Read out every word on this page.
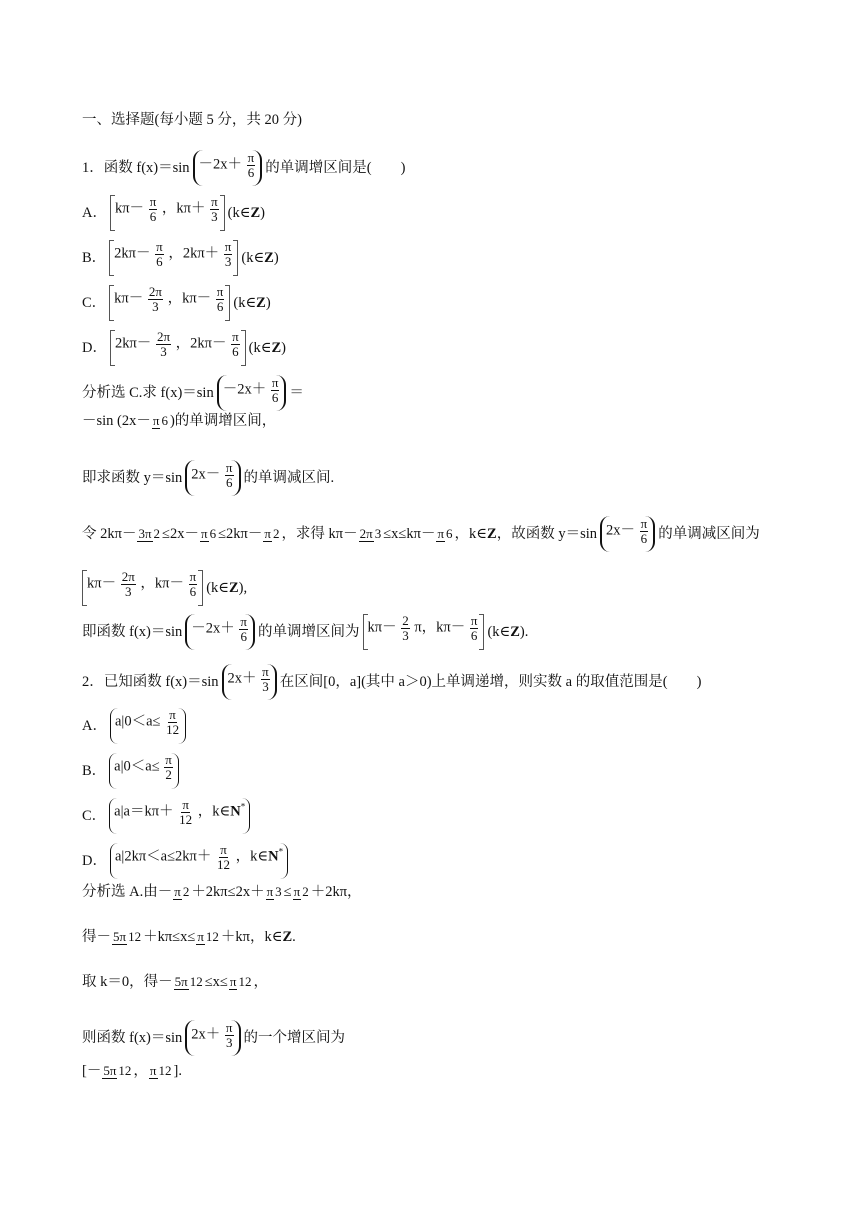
一、选择题(每小题 5 分，共 20 分)
1．函数 $f(x)=\sin -2x+ \frac{\pi}{6}$ 的单调增区间是(　　)
A． $k\pi- \frac{\pi}{6}$ ，$k\pi+ \frac{\pi}{3}$ (k∈ Z )
B． $2k\pi- \frac{\pi}{6}$ ，$2k\pi+ \frac{\pi}{3}$ (k∈ Z )
C． $k\pi- \frac{2\pi}{3}$ ，$k\pi- \frac{\pi}{6}$ (k∈ Z )
D． $2k\pi- \frac{2\pi}{3}$ ，$2k\pi- \frac{\pi}{6}$ (k∈ Z )
分析选 C.求 $f(x)=\sin -2x+ \frac{\pi}{6}$ ＝
－sin (2x－ π 6 )的单调增区间，
即求函数 y＝sin $2x- \frac{\pi}{6}$ 的单调减区间.
令 2kπ－ 3π 2 ≤2x－ π 6 ≤2kπ－ π 2 ，求得 kπ－ 2π 3 ≤x≤kπ－ π 6 ，k∈ Z ，故函数 y＝sin $2x- \frac{\pi}{6}$ 的单调减区间为
$k\pi- \frac{2\pi}{3}$ ，$k\pi- \frac{\pi}{6}$ (k∈ Z ),
即函数 $f(x)=\sin -2x+ \frac{\pi}{6}$ 的单调增区间为 $k\pi- \frac{2}{3}$ π，$k\pi- \frac{\pi}{6}$ (k∈ Z ).
2．已知函数 f(x)＝sin $2x+ \frac{\pi}{3}$ 在区间[0，a](其中 a＞0)上单调递增，则实数 a 的取值范围是(　　)
A． $a|0<a\le \frac{\pi}{12}$
B． $a|0<a\le \frac{\pi}{2}$
C． $a|a=k\pi+ \frac{\pi}{12}$ ，k∈N*
D． $a|2k\pi<a\le 2k\pi+ \frac{\pi}{12}$ ，k∈N*
分析选 A.由－ π 2 ＋2kπ≤2x＋ π 3 ≤ π 2 ＋2kπ，
得－ 5π 12 ＋kπ≤x≤ π 12 ＋kπ，k∈ Z .
取 k＝0，得－ 5π 12 ≤x≤ π 12 ，
则函数 f(x)＝sin $2x+ \frac{\pi}{3}$ 的一个增区间为
[－ 5π 12 ， π 12 ].
